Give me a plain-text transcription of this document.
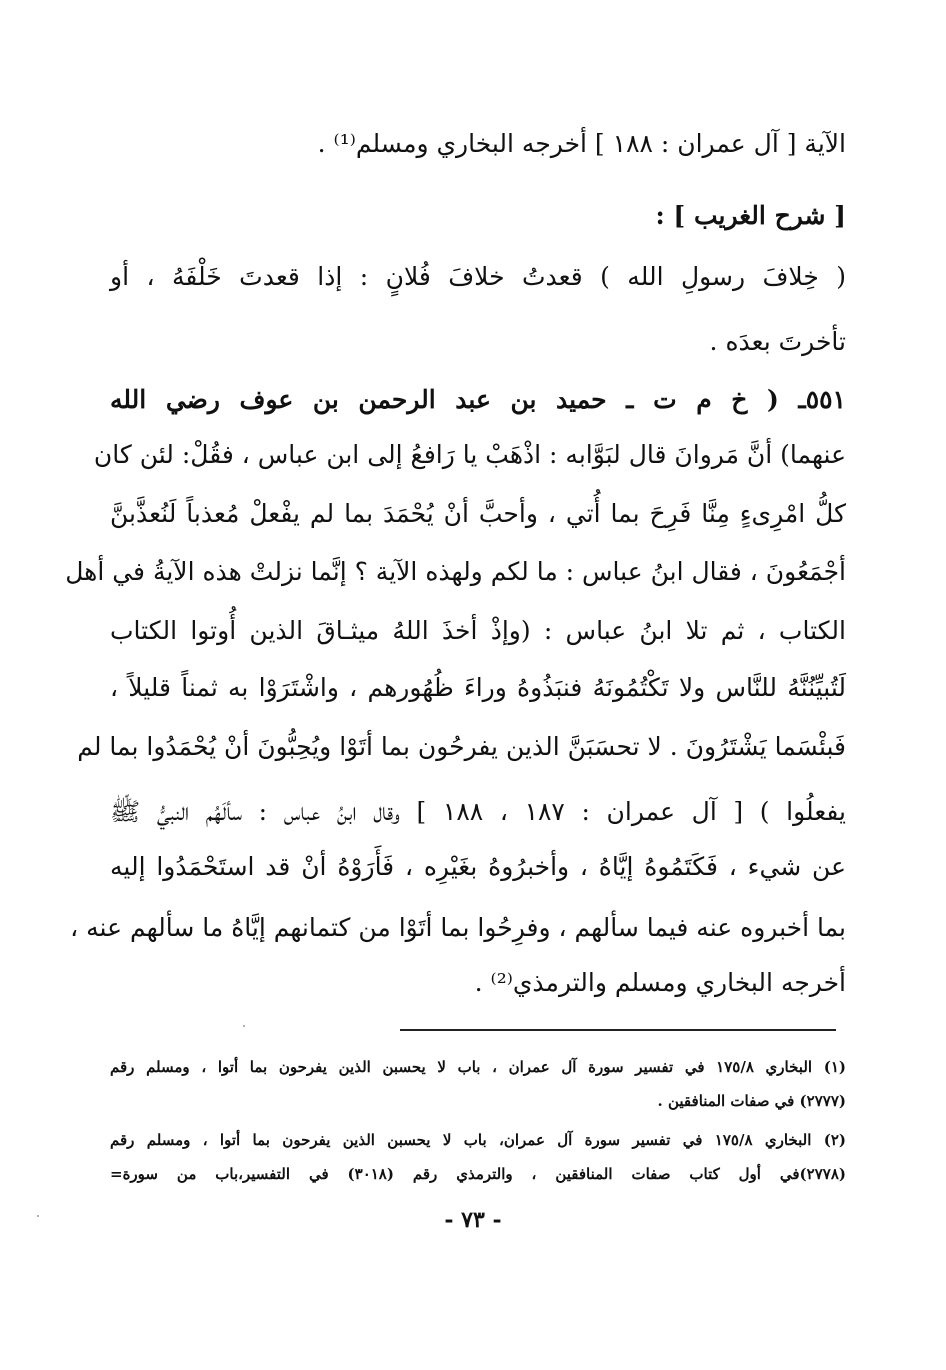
الآية [ آل عمران : ١٨٨ ] أخرجه البخاري ومسلم⁽¹⁾ .
[ شرح الغريب ] :
( خِلافَ رسولِ الله ) قعدتُ خلافَ فُلانٍ : إذا قعدتَ خَلْفَهُ ، أو
تأخرتَ بعدَه .
٥٥١ـ ( خ م ت ـ حميد بن عبد الرحمن بن عوف رضي الله
عنهما) أنَّ مَروانَ قال لبَوَّابه : اذْهَبْ يا رَافعُ إلى ابن عباس ، فقُلْ: لئن كان
كلُّ امْرِىءٍ مِنَّا فَرِحَ بما أُتي ، وأحبَّ أنْ يُحْمَدَ بما لم يفْعلْ مُعذباً لَنُعذَّبنَّ
أجْمَعُونَ ، فقال ابنُ عباس : ما لكم ولهذه الآية ؟ إنَّما نزلتْ هذه الآيةُ في أهل
الكتاب ، ثم تلا ابنُ عباس : (وإذْ أخذَ اللهُ ميثـاقَ الذين أُوتوا الكتاب
لَتُبيِّنُنَّهُ للنَّاس ولا تَكْتُمُونَهُ فنبَذُوهُ وراءَ ظُهُورهم ، واشْتَرَوْا به ثمناً قليلاً ،
فَبئْسَما يَشْتَرُونَ . لا تحسَبَنَّ الذين يفرحُون بما أتَوْا ويُحِبُّونَ أنْ يُحْمَدُوا بما لم
يفعلُوا ) [ آل عمران : ١٨٧ ، ١٨٨ ] وقال ابنُ عباس : سألَهُم النبيُّ ﷺ
عن شيء ، فَكَتَمُوهُ إيَّاهُ ، وأخبرُوهُ بغَيْرِه ، فَأَرَوْهُ أنْ قد استَحْمَدُوا إليه
بما أخبروه عنه فيما سألهم ، وفرِحُوا بما أتَوْا من كتمانهم إيَّاهُ ما سألهم عنه ،
أخرجه البخاري ومسلم والترمذي⁽²⁾ .
(١) البخاري ١٧٥/٨ في تفسير سورة آل عمران ، باب لا يحسبن الذين يفرحون بما أتوا ، ومسلم رقم
(٢٧٧٧) في صفات المنافقين .
(٢) البخاري ١٧٥/٨ في تفسير سورة آل عمران، باب لا يحسبن الذين يفرحون بما أتوا ، ومسلم رقم
(٢٧٧٨)في أول كتاب صفات المنافقين ، والترمذي رقم (٣٠١٨) في التفسير،باب من سورة=
- ٧٣ -
